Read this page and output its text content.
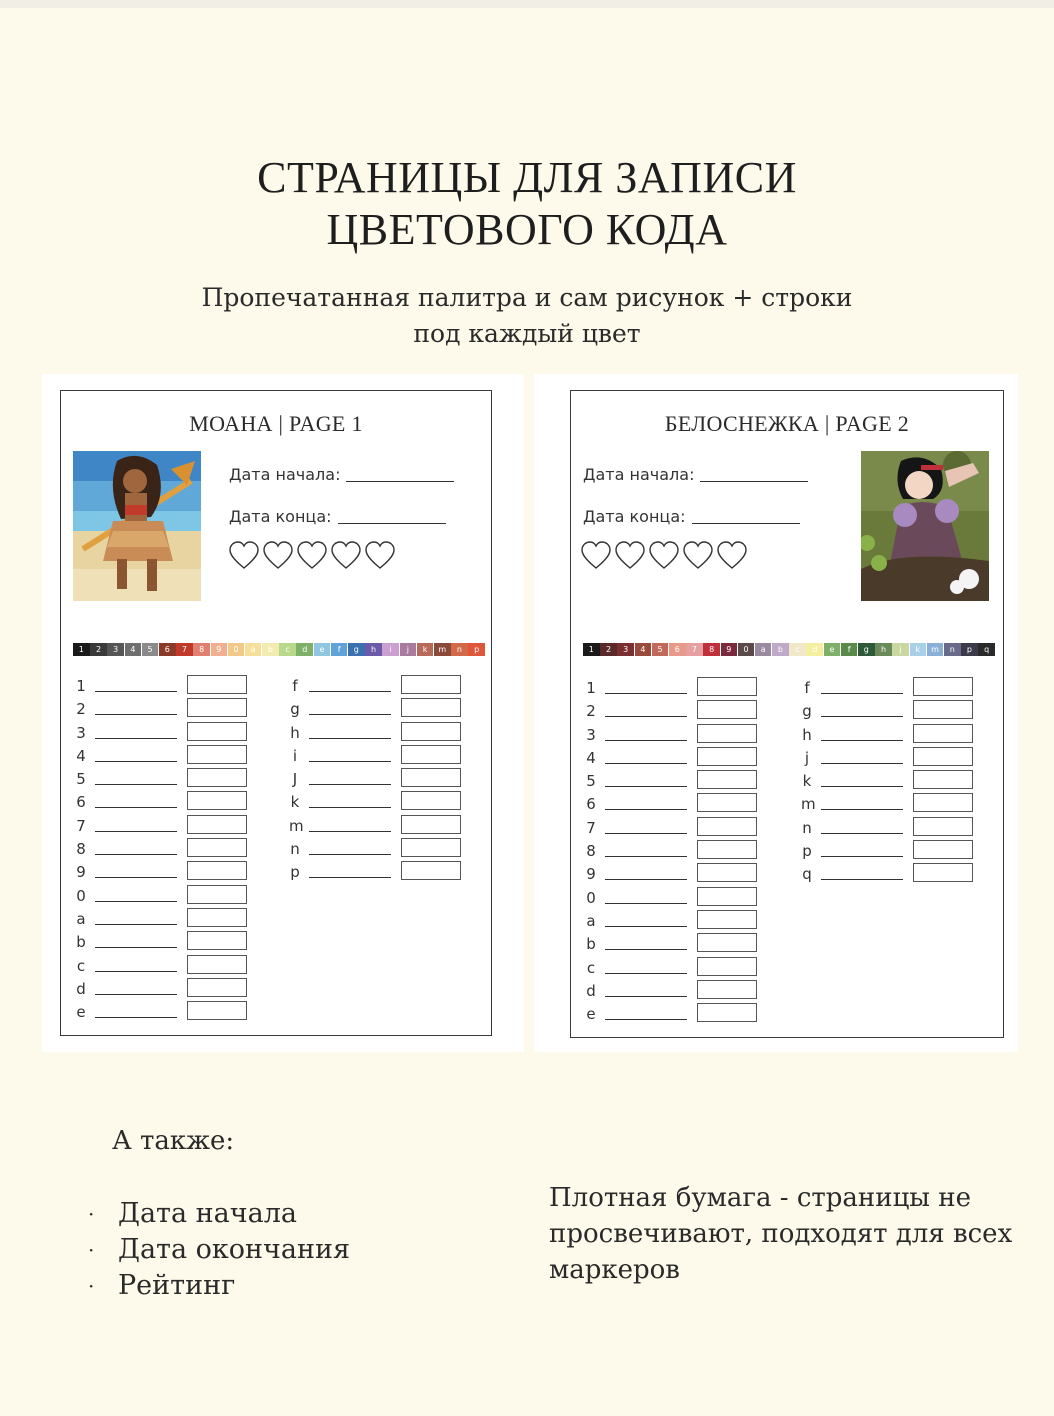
СТРАНИЦЫ ДЛЯ ЗАПИСИ
ЦВЕТОВОГО КОДА
Пропечатанная палитра и сам рисунок + строки
под каждый цвет
МОАНА | PAGE 1
Дата начала:
Дата конца:
1	2	3	4	5	6	7	8	9	0	a	b	c	d	e	f	g	h	i	j	k	m	n	p
1
2
3
4
5
6
7
8
9
0
a
b
c
d
e
f
g
h
i
J
k
m
n
p
БЕЛОСНЕЖКА | PAGE 2
Дата начала:
Дата конца:
1	2	3	4	5	6	7	8	9	0	a	b	c	d	e	f	g	h	j	k	m	n	p	q
1
2
3
4
5
6
7
8
9
0
a
b
c
d
e
f
g
h
j
k
m
n
p
q
А также:
· Дата начала
· Дата окончания
· Рейтинг
Плотная бумага - страницы не просвечивают, подходят для всех маркеров
